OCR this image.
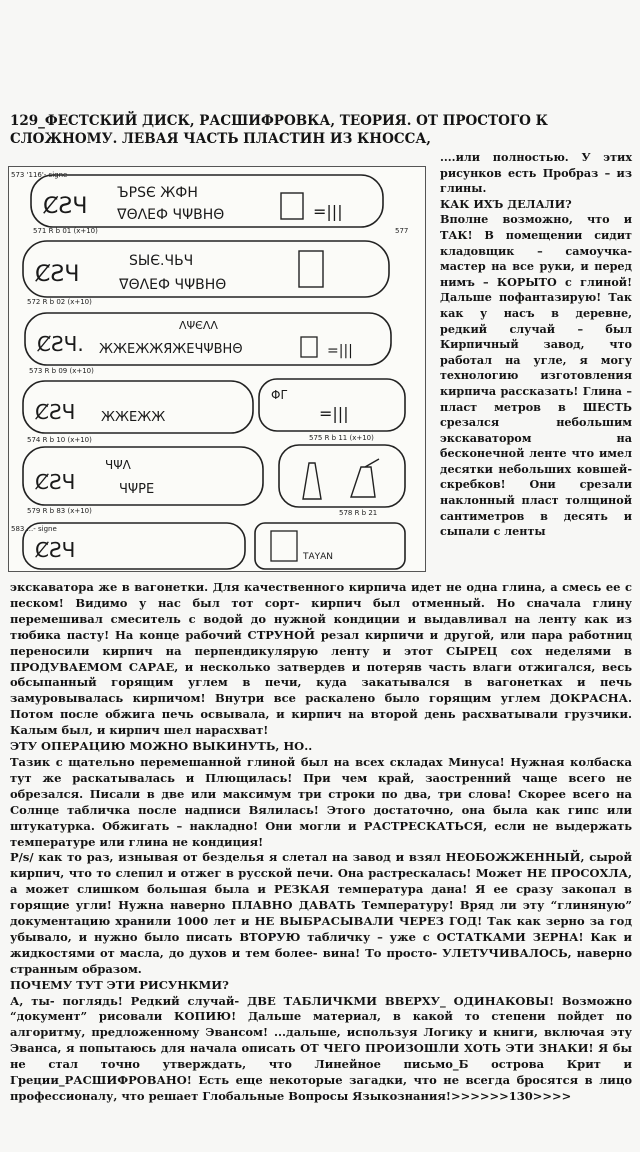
129_ФЕСТСКИЙ ДИСК, РАСШИФРОВКА, ТЕОРИЯ. ОТ ПРОСТОГО К СЛОЖНОМУ. ЛЕВАЯ ЧАСТЬ ПЛАСТИН ИЗ КНОССА,
ȻƧЧ
ЪРЅЄ ЖФН
ᐁΘΛEФ ЧΨΒΗΘ	=|||
571 R b 01 (x+10)	577
573 '116'- signe
ȻƧЧ
ЅЫЄ.ЧЬЧ
ᐁΘΛEФ ЧΨΒΗΘ
572 R b 02 (x+10)
ȻƧЧ.
ΛΨЄΛΛ
ЖЖЕЖЖЯЖЕЧΨΒΗΘ	=|||
573 R b 09 (x+10)
ȻƧЧ ЖЖЕЖЖ
574 R b 10 (x+10)
ΦΓ
=|||
575 R b 11 (x+10)
ȻƧЧ
ЧΨΛ
ЧΨΡΕ
579 R b 83 (x+10)	578 R b 21
ȻƧЧ	ΤΑΥΑΝ
583 ...- signe

....или полностью. У этих рисунков есть Пробраз – из глины.

КАК ИХЪ ДЕЛАЛИ?

Вполне возможно, что и ТАК! В помещении сидит кладовщик – самоучка-мастер на все руки, и перед нимъ – КОРЫТО с глиной! Дальше пофантазирую! Так как у насъ в деревне, редкий случай – был Кирпичный завод, что работал на угле, я могу технологию изготовления кирпича рассказать! Глина – пласт метров в ШЕСТЬ срезался небольшим экскаватором на бесконечной ленте что имел десятки небольших ковшей- скребков! Они срезали наклонный пласт толщиной сантиметров в десять и сыпали с ленты

экскаватора же в вагонетки. Для качественного кирпича идет не одна глина, а смесь ее с песком! Видимо у нас был тот сорт- кирпич был отменный. Но сначала глину перемешивал смеситель с водой до нужной кондиции и выдавливал на ленту как из тюбика пасту! На конце рабочий СТРУНОЙ резал кирпичи и другой, или пара работниц переносили кирпич на перпендикулярую ленту и этот СЫРЕЦ сох неделями в ПРОДУВАЕМОМ САРАЕ, и несколько затвердев и потеряв часть влаги отжигался, весь обсыпанный горящим углем в печи, куда закатывался в вагонетках и печь замуровывалась кирпичом! Внутри все раскалено было горящим углем ДОКРАСНА. Потом после обжига печь освывала, и кирпич на второй день расхватывали грузчики. Калым был, и кирпич шел нарасхват!

ЭТУ ОПЕРАЦИЮ МОЖНО ВЫКИНУТЬ, НО..

Тазик с щательно перемешанной глиной был на всех складах Минуса! Нужная колбаска тут же раскатывалась и Плющилась! При чем край, заостренний чаще всего не обрезался. Писали в две или максимум три строки по два, три слова! Скорее всего на Солнце табличка после надписи Вялилась! Этого достаточно, она была как гипс или штукатурка. Обжигать – накладно! Они могли и РАСТРЕСКАТЬСЯ, если не выдержать температуре или глина не кондиция!

P/s/ как то раз, изнывая от безделья я слетал на завод и взял НЕОБОЖЖЕННЫЙ, сырой кирпич, что то слепил и отжег в русской печи. Она растрескалась! Может НЕ ПРОСОХЛА, а может слишком большая была и РЕЗКАЯ температура дана! Я ее сразу закопал в горящие угли! Нужна наверно ПЛАВНО ДАВАТЬ Температуру! Вряд ли эту “глиняную” документацию хранили 1000 лет и НЕ ВЫБРАСЫВАЛИ ЧЕРЕЗ ГОД! Так как зерно за год убывало, и нужно было писать ВТОРУЮ табличку – уже с ОСТАТКАМИ ЗЕРНА! Как и жидкостями от масла, до духов и тем более- вина! То просто- УЛЕТУЧИВАЛОСЬ, наверно странным образом.

ПОЧЕМУ ТУТ ЭТИ РИСУНКМИ?

А, ты- поглядь! Редкий случай- ДВЕ ТАБЛИЧКМИ ВВЕРХУ_ ОДИНАКОВЫ! Возможно “документ” рисовали КОПИЮ! Дальше материал, в какой то степени пойдет по алгоритму, предложенному Эвансом! ...дальше, используя Логику и книги, включая эту Эванса, я попытаюсь для начала описать ОТ ЧЕГО ПРОИЗОШЛИ ХОТЬ ЭТИ ЗНАКИ! Я бы не стал точно утверждать, что Линейное письмо_Б острова Крит и Греции_РАСШИФРОВАНО! Есть еще некоторые загадки, что не всегда бросятся в лицо профессионалу, что решает Глобальные Вопросы Языкознания!>>>>>>130>>>>
